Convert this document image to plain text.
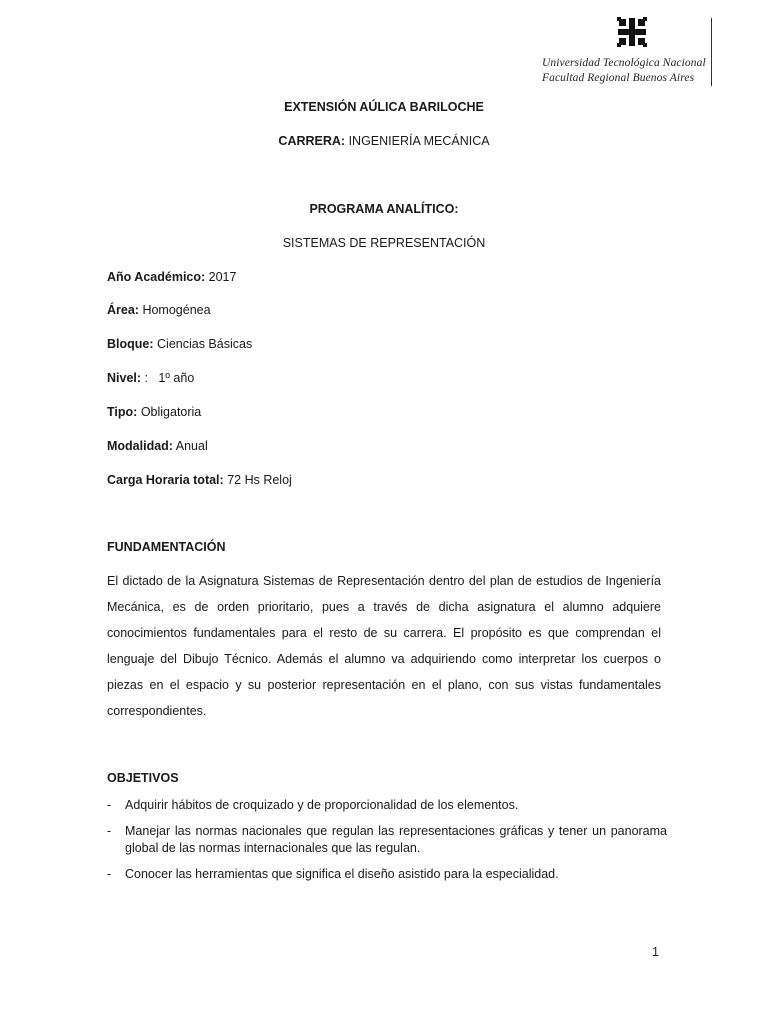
Universidad Tecnológica Nacional
Facultad Regional Buenos Aires
EXTENSIÓN AÚLICA BARILOCHE
CARRERA: INGENIERÍA MECÁNICA
PROGRAMA ANALÍTICO:
SISTEMAS DE REPRESENTACIÓN
Año Académico: 2017
Área: Homogénea
Bloque: Ciencias Básicas
Nivel: :   1º año
Tipo: Obligatoria
Modalidad: Anual
Carga Horaria total: 72 Hs Reloj
FUNDAMENTACIÓN
El dictado de la Asignatura Sistemas de Representación dentro del plan de estudios de Ingeniería
Mecánica, es de orden prioritario, pues a través de dicha asignatura el alumno adquiere
conocimientos fundamentales para el resto de su carrera. El propósito es que comprendan el
lenguaje del Dibujo Técnico. Además el alumno va adquiriendo como interpretar los cuerpos o
piezas en el espacio y su posterior representación en el plano, con sus vistas fundamentales
correspondientes.
OBJETIVOS
- Adquirir hábitos de croquizado y de proporcionalidad de los elementos.
- Manejar las normas nacionales que regulan las representaciones gráficas y tener un panorama global de las normas internacionales que las regulan.
- Conocer las herramientas que significa el diseño asistido para la especialidad.
1
